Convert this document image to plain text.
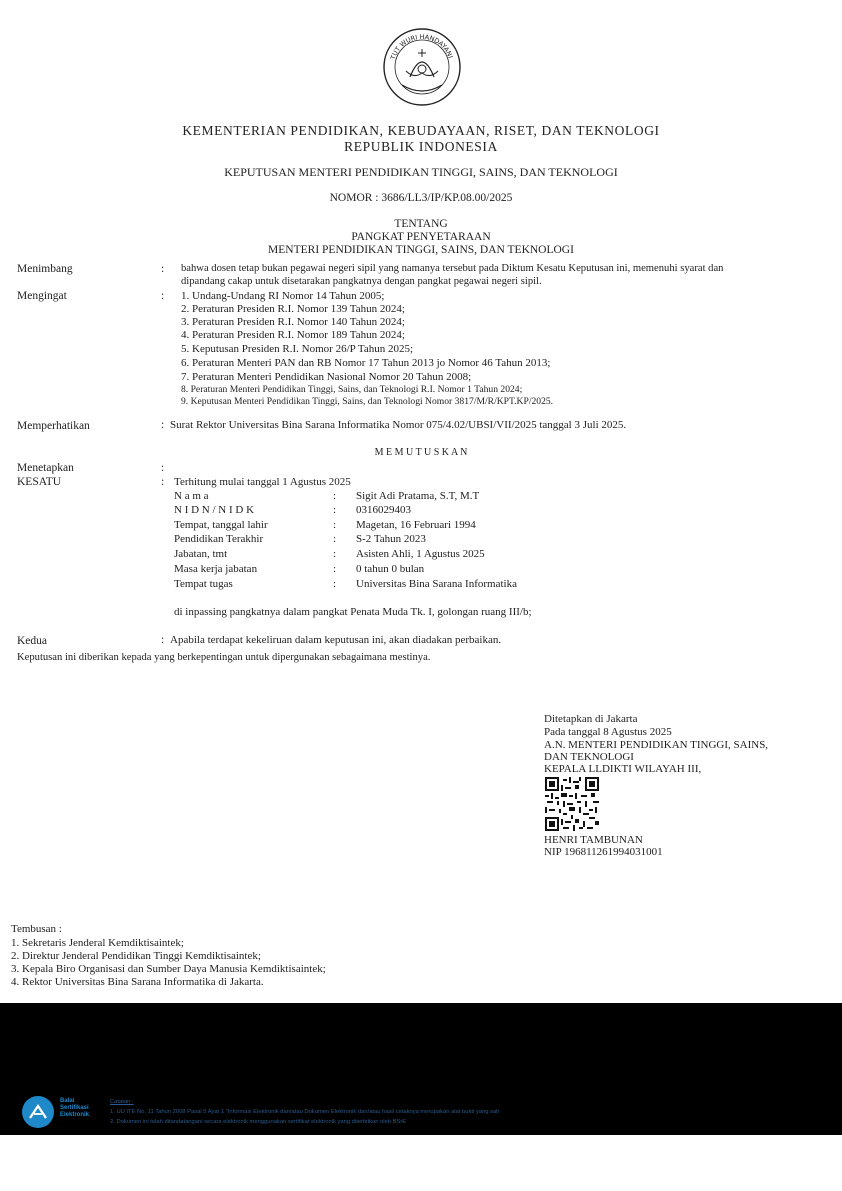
TUT WURI HANDAYANI
KEMENTERIAN PENDIDIKAN, KEBUDAYAAN, RISET, DAN TEKNOLOGI
REPUBLIK INDONESIA
KEPUTUSAN MENTERI PENDIDIKAN TINGGI, SAINS, DAN TEKNOLOGI
NOMOR : 3686/LL3/IP/KP.08.00/2025
TENTANG
PANGKAT PENYETARAAN
MENTERI PENDIDIKAN TINGGI, SAINS, DAN TEKNOLOGI
Menimbang	: bahwa dosen tetap bukan pegawai negeri sipil yang namanya tersebut pada Diktum Kesatu Keputusan ini, memenuhi syarat dan
dipandang cakap untuk disetarakan pangkatnya dengan pangkat pegawai negeri sipil.
Mengingat	: 1. Undang-Undang RI Nomor 14 Tahun 2005;
2. Peraturan Presiden R.I. Nomor 139 Tahun 2024;
3. Peraturan Presiden R.I. Nomor 140 Tahun 2024;
4. Peraturan Presiden R.I. Nomor 189 Tahun 2024;
5. Keputusan Presiden R.I. Nomor 26/P Tahun 2025;
6. Peraturan Menteri PAN dan RB Nomor 17 Tahun 2013 jo Nomor 46 Tahun 2013;
7. Peraturan Menteri Pendidikan Nasional Nomor 20 Tahun 2008;
8. Peraturan Menteri Pendidikan Tinggi, Sains, dan Teknologi R.I. Nomor 1 Tahun 2024;
9. Keputusan Menteri Pendidikan Tinggi, Sains, dan Teknologi Nomor 3817/M/R/KPT.KP/2025.
Memperhatikan	: Surat Rektor Universitas Bina Sarana Informatika Nomor 075/4.02/UBSI/VII/2025 tanggal 3 Juli 2025.
M E M U T U S K A N
Menetapkan	:
KESATU	: Terhitung mulai tanggal 1 Agustus 2025
N a m a	: Sigit Adi Pratama, S.T, M.T
N I D N / N I D K	: 0316029403
Tempat, tanggal lahir	: Magetan, 16 Februari 1994
Pendidikan Terakhir	: S-2 Tahun 2023
Jabatan, tmt	: Asisten Ahli, 1 Agustus 2025
Masa kerja jabatan	: 0 tahun 0 bulan
Tempat tugas	: Universitas Bina Sarana Informatika
di inpassing pangkatnya dalam pangkat Penata Muda Tk. I, golongan ruang III/b;
Kedua	: Apabila terdapat kekeliruan dalam keputusan ini, akan diadakan perbaikan.
Keputusan ini diberikan kepada yang berkepentingan untuk dipergunakan sebagaimana mestinya.
Ditetapkan di Jakarta
Pada tanggal 8 Agustus 2025
A.N. MENTERI PENDIDIKAN TINGGI, SAINS,
DAN TEKNOLOGI
KEPALA LLDIKTI WILAYAH III,
HENRI TAMBUNAN
NIP 196811261994031001
Tembusan :
1. Sekretaris Jenderal Kemdiktisaintek;
2. Direktur Jenderal Pendidikan Tinggi Kemdiktisaintek;
3. Kepala Biro Organisasi dan Sumber Daya Manusia Kemdiktisaintek;
4. Rektor Universitas Bina Sarana Informatika di Jakarta.
Balai
Sertifikasi
Elektronik
Catatan :
1. UU ITE No. 11 Tahun 2008 Pasal 5 Ayat 1 "Informasi Elektronik dan/atau Dokumen Elektronik dan/atau hasil cetaknya merupakan alat bukti yang sah
2. Dokumen ini telah ditandatangani secara elektronik menggunakan sertifikat elektronik yang diterbitkan oleh BSrE
